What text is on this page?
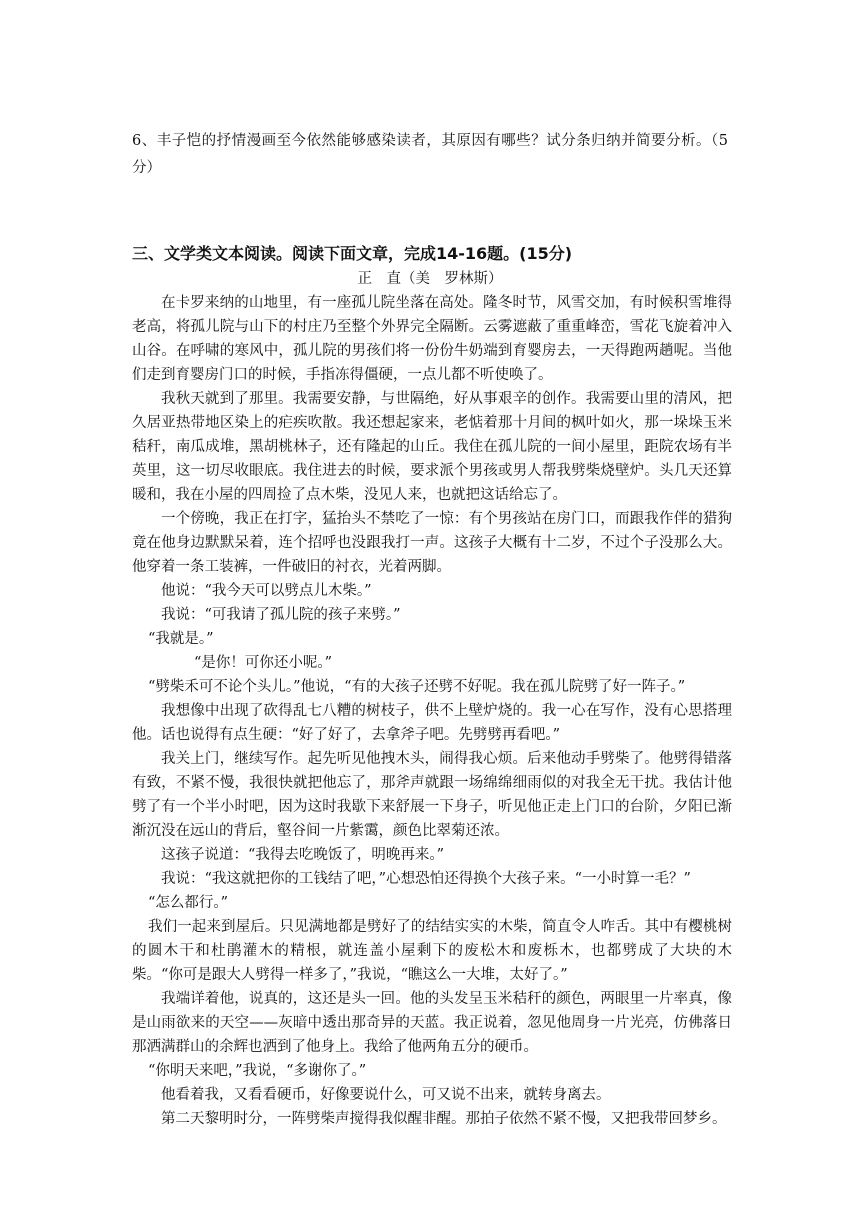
6、丰子恺的抒情漫画至今依然能够感染读者，其原因有哪些？试分条归纳并简要分析。（5分）

三、文学类文本阅读。阅读下面文章，完成14-16题。(15分)

正　直（美　罗林斯）

在卡罗来纳的山地里，有一座孤儿院坐落在高处。隆冬时节，风雪交加，有时候积雪堆得老高，将孤儿院与山下的村庄乃至整个外界完全隔断。云雾遮蔽了重重峰峦，雪花飞旋着冲入山谷。在呼啸的寒风中，孤儿院的男孩们将一份份牛奶端到育婴房去，一天得跑两趟呢。当他们走到育婴房门口的时候，手指冻得僵硬，一点儿都不听使唤了。

我秋天就到了那里。我需要安静，与世隔绝，好从事艰辛的创作。我需要山里的清风，把久居亚热带地区染上的疟疾吹散。我还想起家来，老惦着那十月间的枫叶如火，那一垛垛玉米秸秆，南瓜成堆，黑胡桃林子，还有隆起的山丘。我住在孤儿院的一间小屋里，距院农场有半英里，这一切尽收眼底。我住进去的时候，要求派个男孩或男人帮我劈柴烧壁炉。头几天还算暖和，我在小屋的四周捡了点木柴，没见人来，也就把这话给忘了。

一个傍晚，我正在打字，猛抬头不禁吃了一惊：有个男孩站在房门口，而跟我作伴的猎狗竟在他身边默默呆着，连个招呼也没跟我打一声。这孩子大概有十二岁，不过个子没那么大。他穿着一条工装裤，一件破旧的衬衣，光着两脚。

他说：“我今天可以劈点儿木柴。”

我说：“可我请了孤儿院的孩子来劈。”

“我就是。”

“是你！可你还小呢。”

“劈柴禾可不论个头儿。”他说，“有的大孩子还劈不好呢。我在孤儿院劈了好一阵子。”

我想像中出现了砍得乱七八糟的树枝子，供不上壁炉烧的。我一心在写作，没有心思搭理他。话也说得有点生硬：“好了好了，去拿斧子吧。先劈劈再看吧。”

我关上门，继续写作。起先听见他拽木头，闹得我心烦。后来他动手劈柴了。他劈得错落有致，不紧不慢，我很快就把他忘了，那斧声就跟一场绵绵细雨似的对我全无干扰。我估计他劈了有一个半小时吧，因为这时我歇下来舒展一下身子，听见他正走上门口的台阶，夕阳已渐渐沉没在远山的背后，壑谷间一片紫霭，颜色比翠菊还浓。

这孩子说道：“我得去吃晚饭了，明晚再来。”

我说：“我这就把你的工钱结了吧，”心想恐怕还得换个大孩子来。“一小时算一毛？”

“怎么都行。”

我们一起来到屋后。只见满地都是劈好了的结结实实的木柴，简直令人咋舌。其中有樱桃树的圆木干和杜鹃灌木的精根，就连盖小屋剩下的废松木和废栎木，也都劈成了大块的木柴。“你可是跟大人劈得一样多了，”我说，“瞧这么一大堆，太好了。”

我端详着他，说真的，这还是头一回。他的头发呈玉米秸秆的颜色，两眼里一片率真，像是山雨欲来的天空——灰暗中透出那奇异的天蓝。我正说着，忽见他周身一片光亮，仿佛落日那洒满群山的余辉也洒到了他身上。我给了他两角五分的硬币。

“你明天来吧，”我说，“多谢你了。”

他看着我，又看看硬币，好像要说什么，可又说不出来，就转身离去。

第二天黎明时分，一阵劈柴声搅得我似醒非醒。那拍子依然不紧不慢，又把我带回梦乡。
